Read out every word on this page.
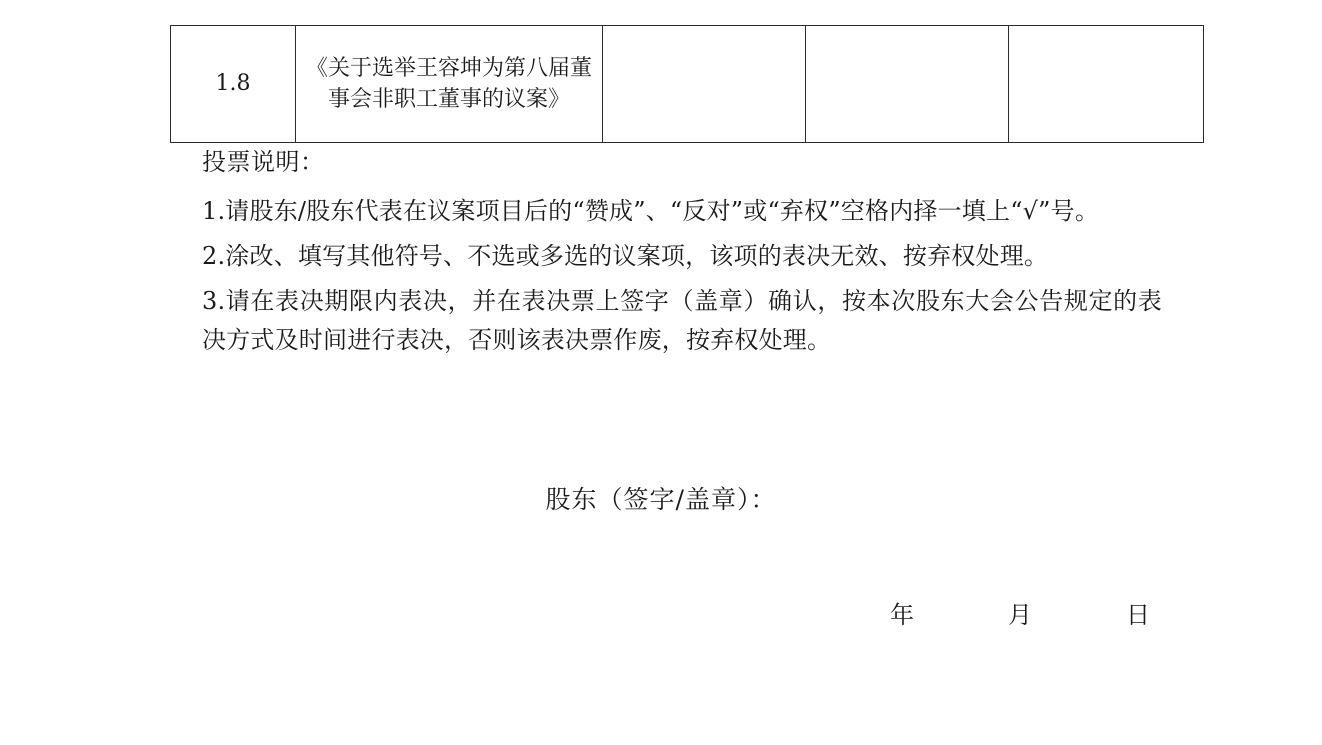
1.8	《关于选举王容坤为第八届董事会非职工董事的议案》			

投票说明：

1.请股东/股东代表在议案项目后的“赞成”、“反对”或“弃权”空格内择一填上“√”号。

2.涂改、填写其他符号、不选或多选的议案项，该项的表决无效、按弃权处理。

3.请在表决期限内表决，并在表决票上签字（盖章）确认，按本次股东大会公告规定的表决方式及时间进行表决，否则该表决票作废，按弃权处理。

股东（签字/盖章）：
年	月	日
